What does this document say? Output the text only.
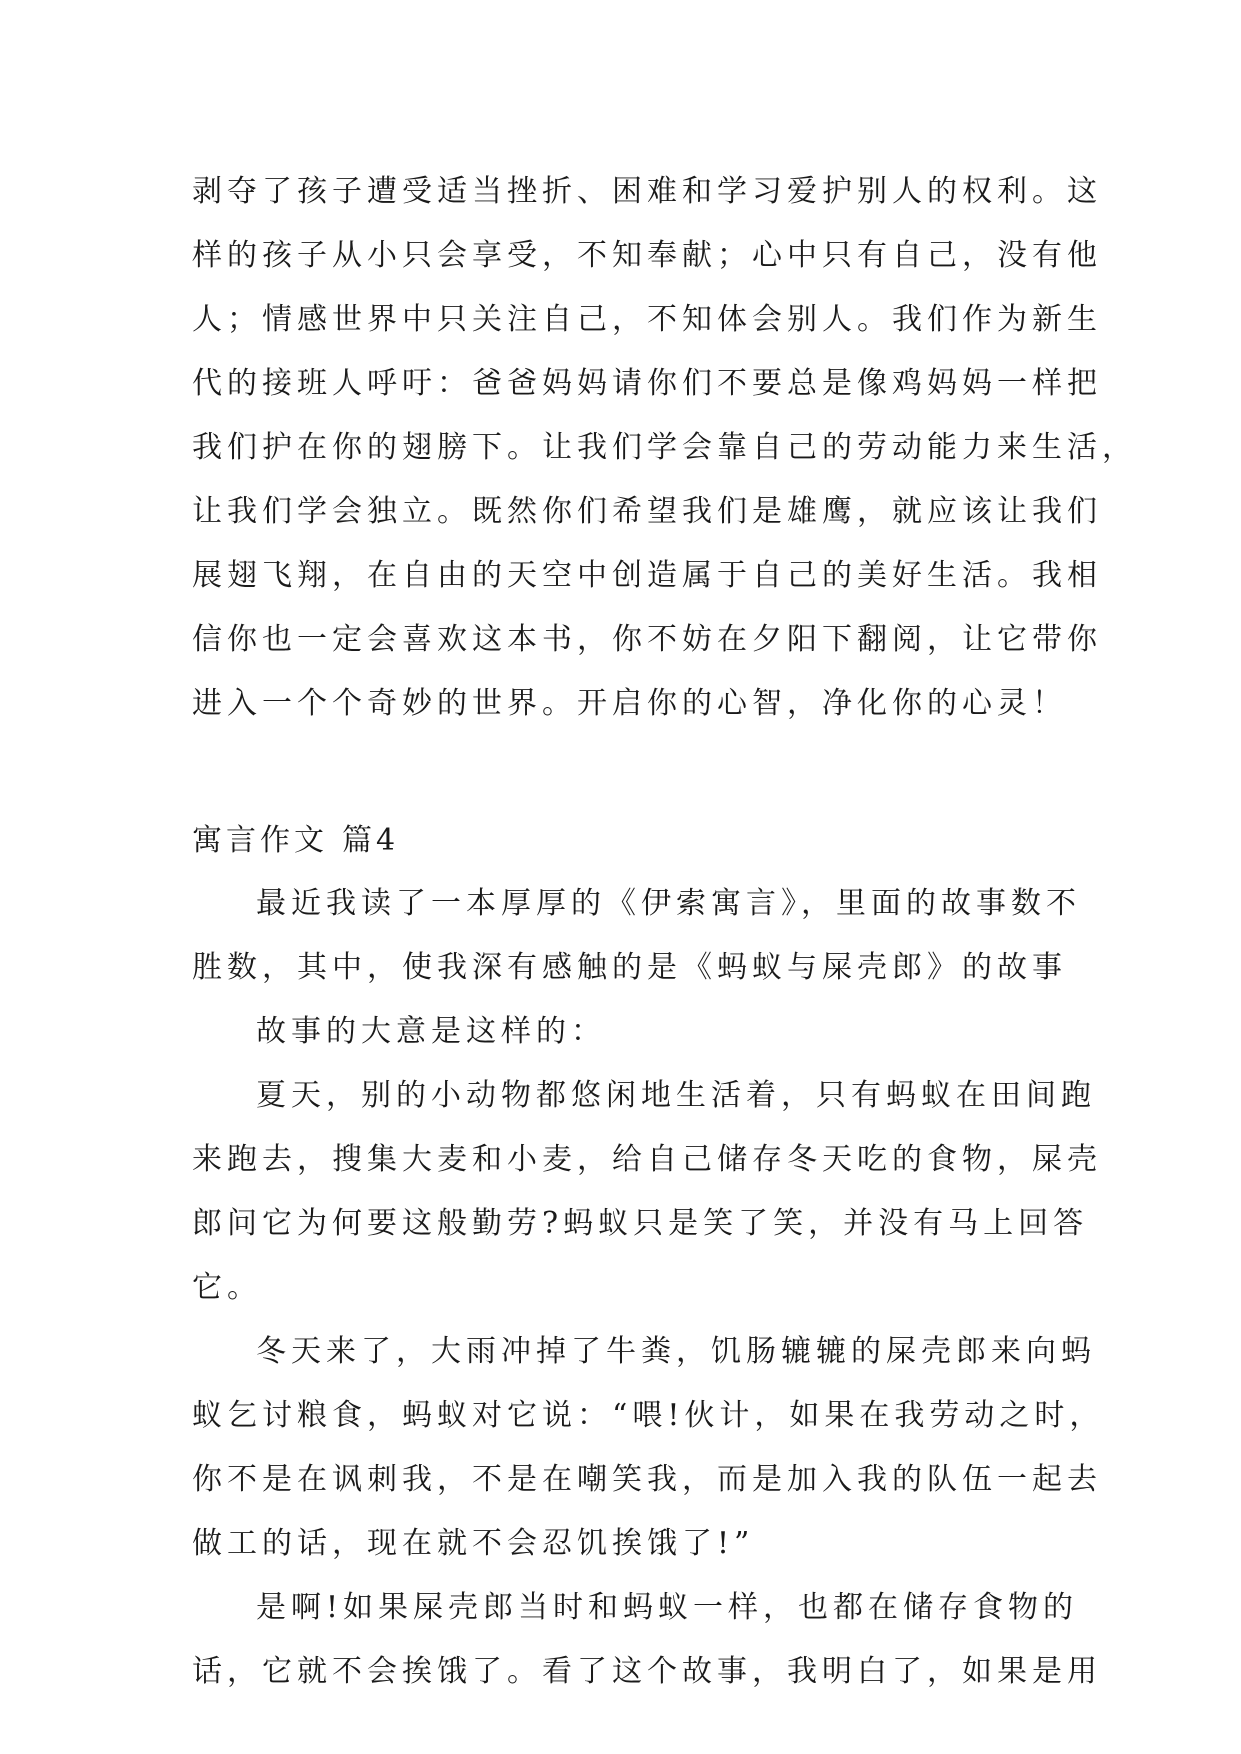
剥夺了孩子遭受适当挫折、困难和学习爱护别人的权利。这
样的孩子从小只会享受，不知奉献；心中只有自己，没有他
人；情感世界中只关注自己，不知体会别人。我们作为新生
代的接班人呼吁：爸爸妈妈请你们不要总是像鸡妈妈一样把
我们护在你的翅膀下。让我们学会靠自己的劳动能力来生活，
让我们学会独立。既然你们希望我们是雄鹰，就应该让我们
展翅飞翔，在自由的天空中创造属于自己的美好生活。我相
信你也一定会喜欢这本书，你不妨在夕阳下翻阅，让它带你
进入一个个奇妙的世界。开启你的心智，净化你的心灵！
寓言作文 篇4
最近我读了一本厚厚的《伊索寓言》，里面的故事数不
胜数，其中，使我深有感触的是《蚂蚁与屎壳郎》的故事
故事的大意是这样的：
夏天，别的小动物都悠闲地生活着，只有蚂蚁在田间跑
来跑去，搜集大麦和小麦，给自己储存冬天吃的食物，屎壳
郎问它为何要这般勤劳?蚂蚁只是笑了笑，并没有马上回答
它。
冬天来了，大雨冲掉了牛粪，饥肠辘辘的屎壳郎来向蚂
蚁乞讨粮食，蚂蚁对它说：“喂!伙计，如果在我劳动之时，
你不是在讽刺我，不是在嘲笑我，而是加入我的队伍一起去
做工的话，现在就不会忍饥挨饿了!”
是啊!如果屎壳郎当时和蚂蚁一样，也都在储存食物的
话，它就不会挨饿了。看了这个故事，我明白了，如果是用
